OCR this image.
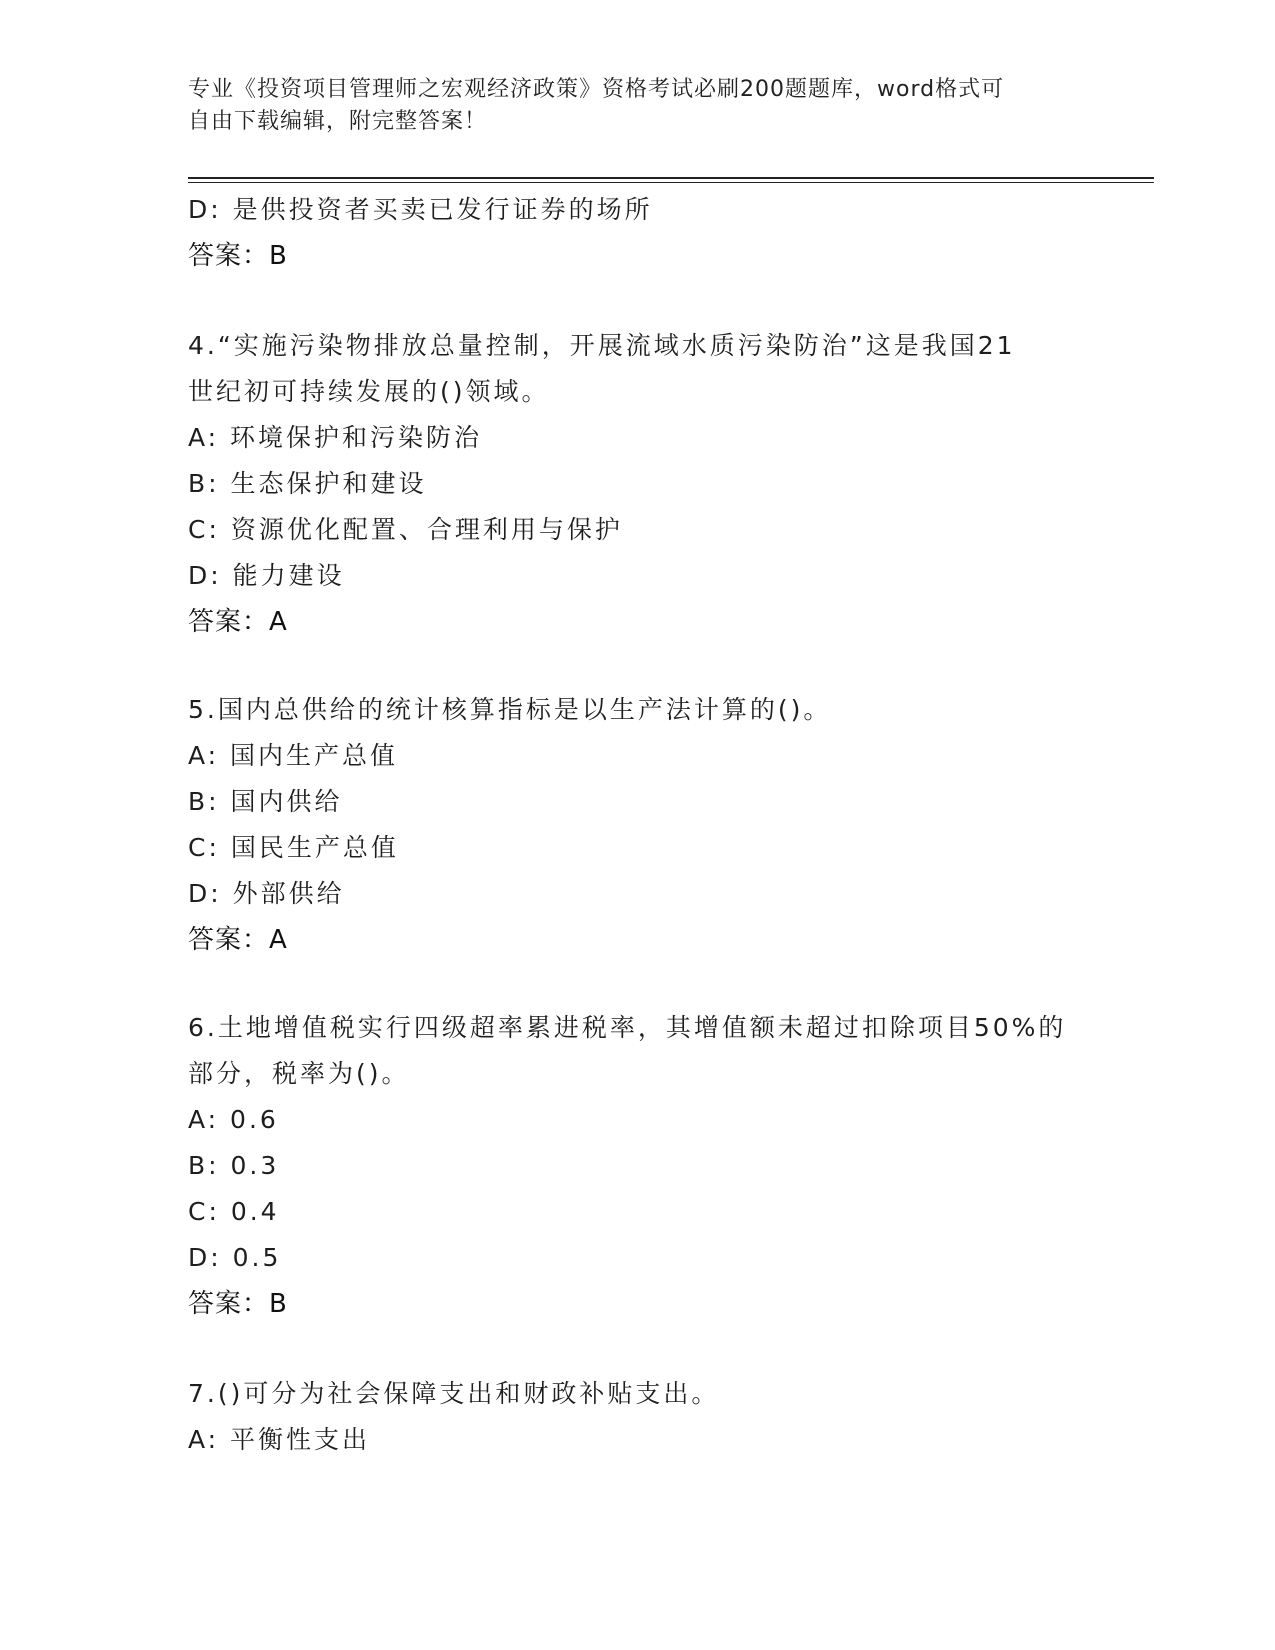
专业《投资项目管理师之宏观经济政策》资格考试必刷200题题库，word格式可
自由下载编辑，附完整答案！
D: 是供投资者买卖已发行证券的场所
答案：B
4.“实施污染物排放总量控制，开展流域水质污染防治”这是我国21
世纪初可持续发展的()领域。
A: 环境保护和污染防治
B: 生态保护和建设
C: 资源优化配置、合理利用与保护
D: 能力建设
答案：A
5.国内总供给的统计核算指标是以生产法计算的()。
A: 国内生产总值
B: 国内供给
C: 国民生产总值
D: 外部供给
答案：A
6.土地增值税实行四级超率累进税率，其增值额未超过扣除项目50%的
部分，税率为()。
A: 0.6
B: 0.3
C: 0.4
D: 0.5
答案：B
7.()可分为社会保障支出和财政补贴支出。
A: 平衡性支出
